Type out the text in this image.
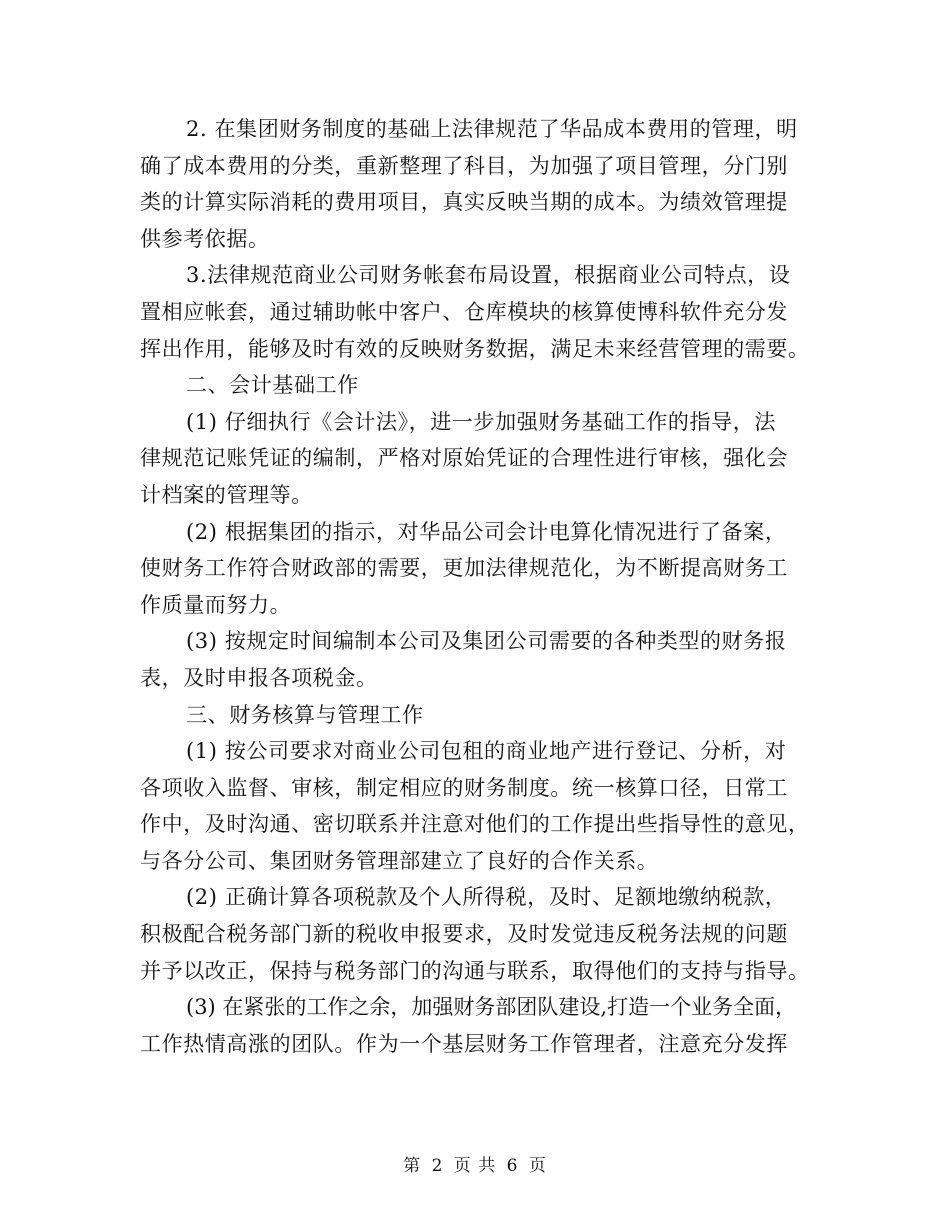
2. 在集团财务制度的基础上法律规范了华品成本费用的管理，明
确了成本费用的分类，重新整理了科目，为加强了项目管理，分门别
类的计算实际消耗的费用项目，真实反映当期的成本。为绩效管理提
供参考依据。
3.法律规范商业公司财务帐套布局设置，根据商业公司特点，设
置相应帐套，通过辅助帐中客户、仓库模块的核算使博科软件充分发
挥出作用，能够及时有效的反映财务数据，满足未来经营管理的需要。
二、会计基础工作
(1) 仔细执行《会计法》，进一步加强财务基础工作的指导，法
律规范记账凭证的编制，严格对原始凭证的合理性进行审核，强化会
计档案的管理等。
(2) 根据集团的指示，对华品公司会计电算化情况进行了备案，
使财务工作符合财政部的需要，更加法律规范化，为不断提高财务工
作质量而努力。
(3) 按规定时间编制本公司及集团公司需要的各种类型的财务报
表，及时申报各项税金。
三、财务核算与管理工作
(1) 按公司要求对商业公司包租的商业地产进行登记、分析，对
各项收入监督、审核，制定相应的财务制度。统一核算口径，日常工
作中，及时沟通、密切联系并注意对他们的工作提出些指导性的意见，
与各分公司、集团财务管理部建立了良好的合作关系。
(2) 正确计算各项税款及个人所得税，及时、足额地缴纳税款，
积极配合税务部门新的税收申报要求，及时发觉违反税务法规的问题
并予以改正，保持与税务部门的沟通与联系，取得他们的支持与指导。
(3) 在紧张的工作之余，加强财务部团队建设,打造一个业务全面，
工作热情高涨的团队。作为一个基层财务工作管理者，注意充分发挥
第 2 页 共 6 页
